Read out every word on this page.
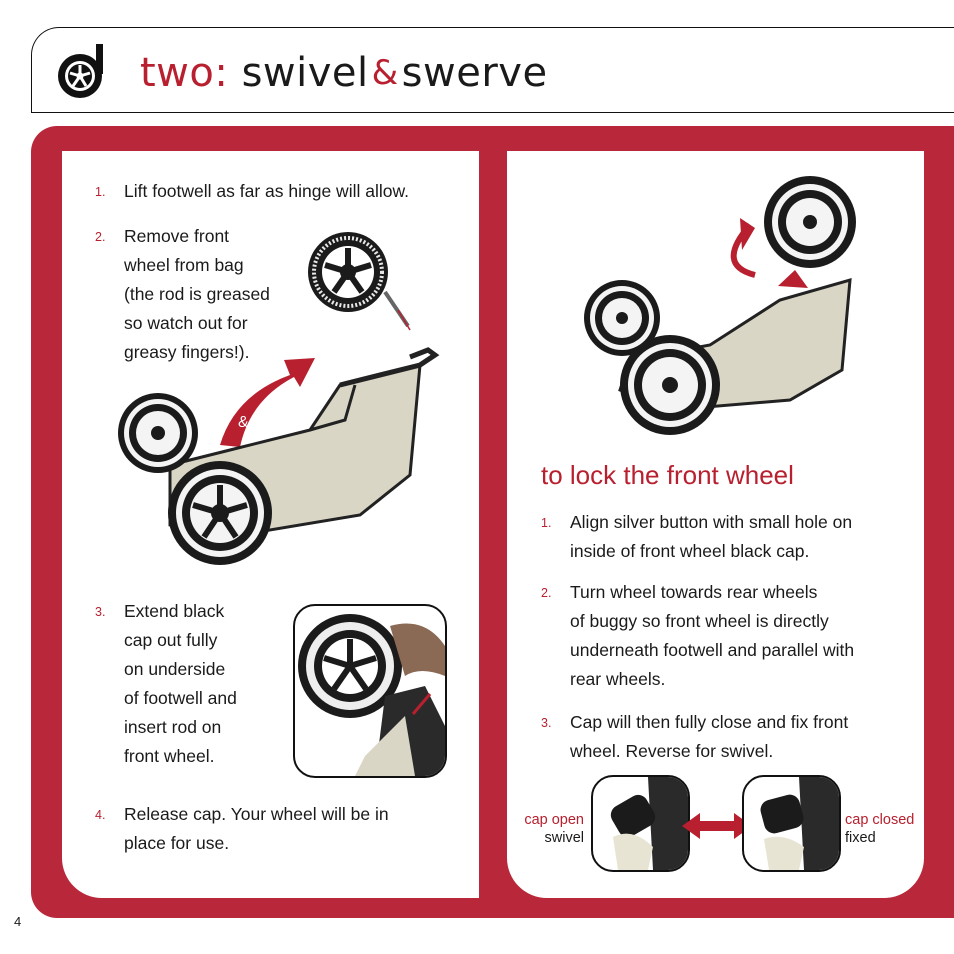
two: swivel&swerve
1. Lift footwell as far as hinge will allow.
2. Remove front
wheel from bag
(the rod is greased
so watch out for
greasy fingers!).
3. Extend black
cap out fully
on underside
of footwell and
insert rod on
front wheel.
4. Release cap. Your wheel will be in
place for use.
&
to lock the front wheel
1. Align silver button with small hole on
inside of front wheel black cap.
2. Turn wheel towards rear wheels
of buggy so front wheel is directly
underneath footwell and parallel with
rear wheels.
3. Cap will then fully close and fix front
wheel. Reverse for swivel.
cap open
swivel
cap closed
fixed
4
